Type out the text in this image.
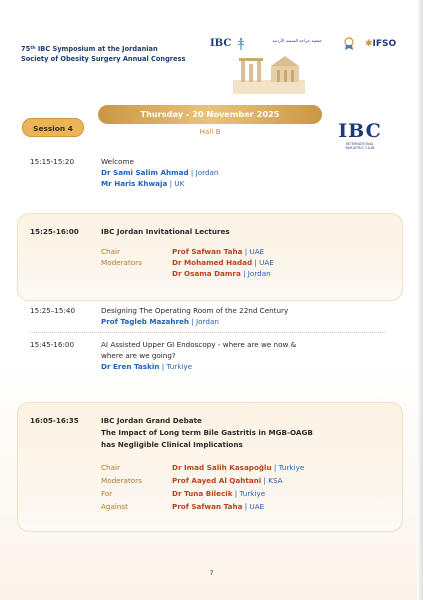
75th IBC Symposium at the Jordanian
Society of Obesity Surgery Annual Congress
IBC	جمعية جراحة السمنة الأردنية	✱IFSO
Thursday - 20 November 2025
Hall B
Session 4	IBC
INTERNATIONAL
BARIATRIC CLUB
15:15-15:20	Welcome
Dr Sami Salim Ahmad | Jordan
Mr Haris Khwaja | UK
15:25-16:00	IBC Jordan Invitational Lectures
Chair	Prof Safwan Taha | UAE
Moderators	Dr Mohamed Hadad | UAE
Dr Osama Damra | Jordan
15:25–15:40	Designing The Operating Room of the 22nd Century
Prof Tagleb Mazahreh | Jordan
15:45-16:00	AI Assisted Upper GI Endoscopy - where are we now &
where are we going?
Dr Eren Taskin | Turkiye
16:05-16:35	IBC Jordan Grand Debate
The Impact of Long term Bile Gastritis in MGB-OAGB
has Negligible Clinical Implications
Chair	Dr Imad Salih Kasapoğlu | Turkiye
Moderators	Prof Aayed Al Qahtani | KSA
For	Dr Tuna Bilecik | Turkiye
Against	Prof Safwan Taha | UAE
7
